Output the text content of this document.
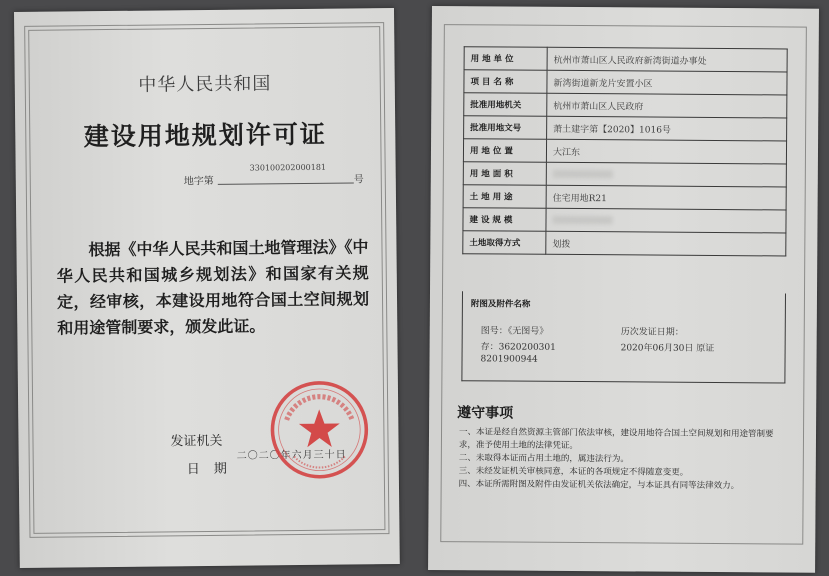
中华人民共和国
建设用地规划许可证
地字第
330100202000181
号
根据《中华人民共和国土地管理法》《中华人民共和国城乡规划法》和国家有关规定，经审核，本建设用地符合国土空间规划和用途管制要求，颁发此证。
发证机关
日期
二〇二〇年六月三十日
用 地 单 位	杭州市萧山区人民政府新湾街道办事处
项 目 名 称	新湾街道新龙片安置小区
批准用地机关	杭州市萧山区人民政府
批准用地文号	萧土建字第【2020】1016号
用 地 位 置	大江东
用 地 面 积	
土 地 用 途	住宅用地R21
建 设 规 模	
土地取得方式	划拨
附图及附件名称
图号：《无图号》
存：3620200301
8201900944
历次发证日期：
2020年06月30日 原证
遵守事项

一、本证是经自然资源主管部门依法审核，建设用地符合国土空间规划和用途管制要求，准予使用土地的法律凭证。

二、未取得本证而占用土地的，属违法行为。

三、未经发证机关审核同意，本证的各项规定不得随意变更。

四、本证所需附图及附件由发证机关依法确定，与本证具有同等法律效力。
